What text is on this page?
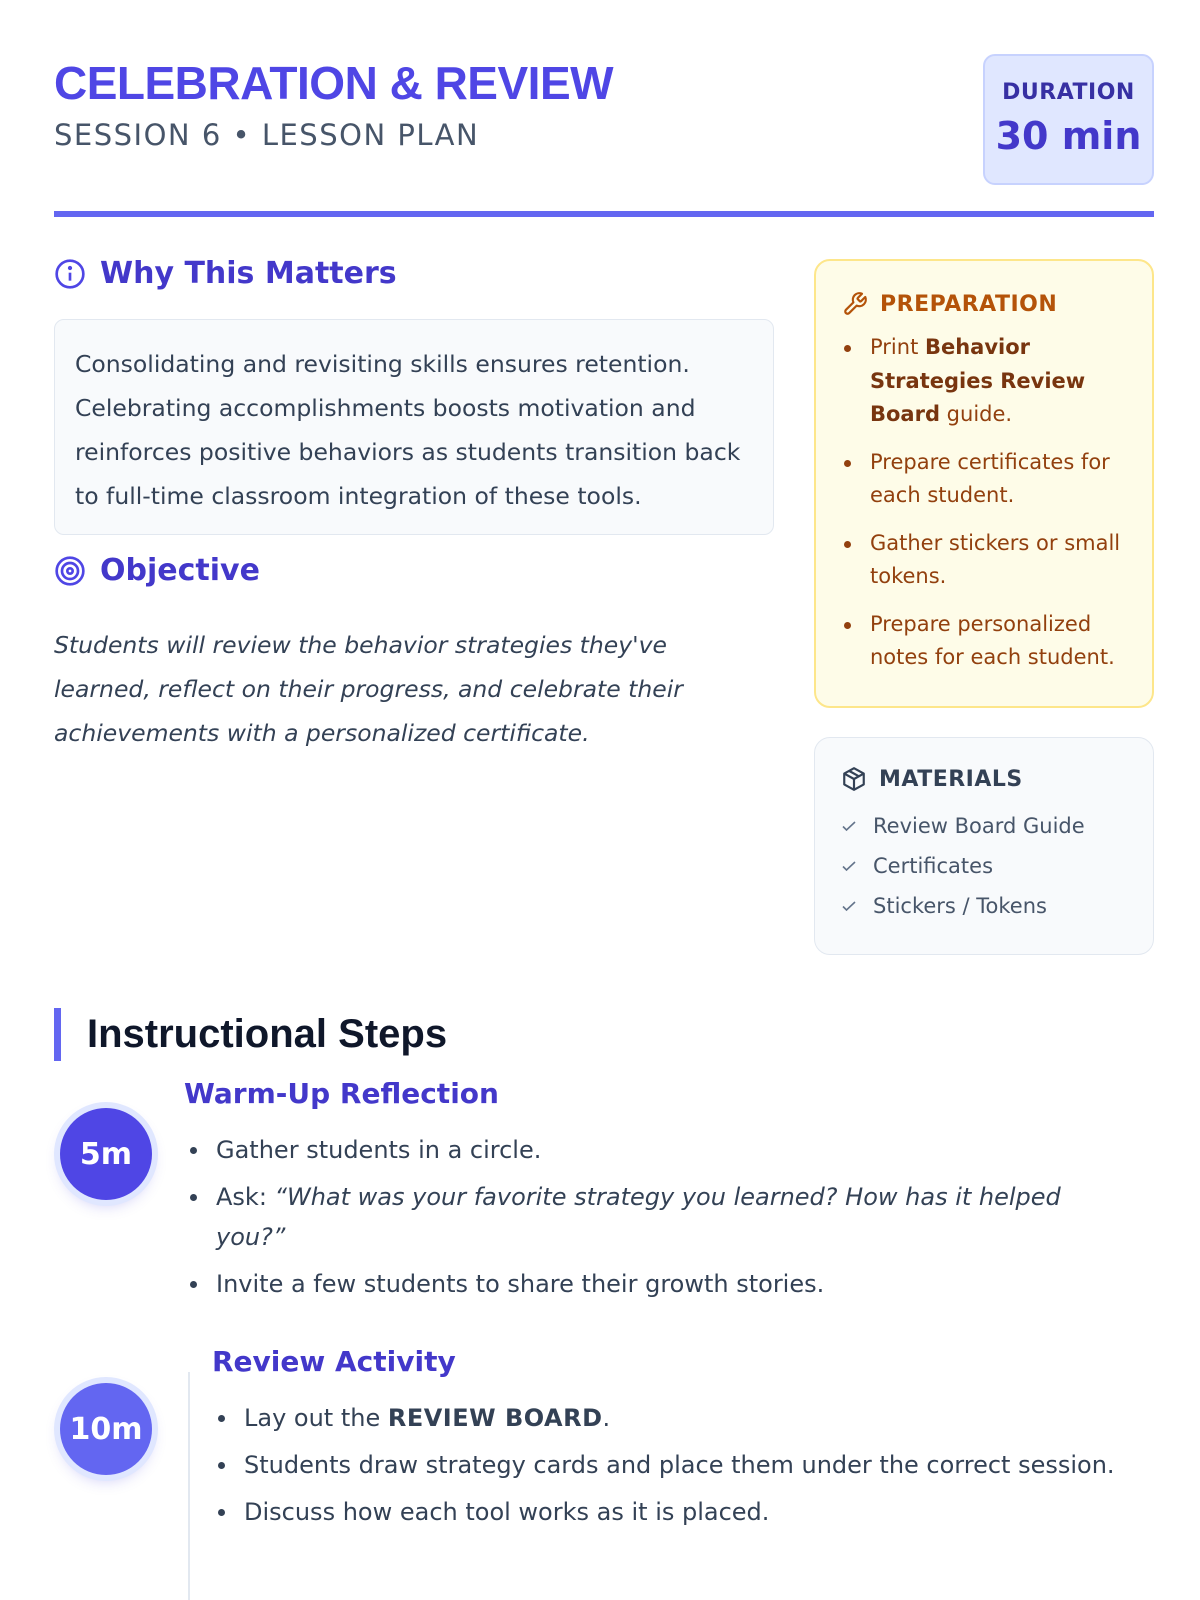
CELEBRATION & REVIEW
SESSION 6 • LESSON PLAN
DURATION
30 min
Why This Matters
Consolidating and revisiting skills ensures retention. Celebrating accomplishments boosts motivation and reinforces positive behaviors as students transition back to full-time classroom integration of these tools.
Objective
Students will review the behavior strategies they've learned, reflect on their progress, and celebrate their achievements with a personalized certificate.
PREPARATION
Print Behavior Strategies Review Board guide.
Prepare certificates for each student.
Gather stickers or small tokens.
Prepare personalized notes for each student.
MATERIALS
Review Board Guide
Certificates
Stickers / Tokens
Instructional Steps
5m
Warm-Up Reflection
Gather students in a circle.
Ask: “What was your favorite strategy you learned? How has it helped you?”
Invite a few students to share their growth stories.
10m
Review Activity
Lay out the REVIEW BOARD.
Students draw strategy cards and place them under the correct session.
Discuss how each tool works as it is placed.
